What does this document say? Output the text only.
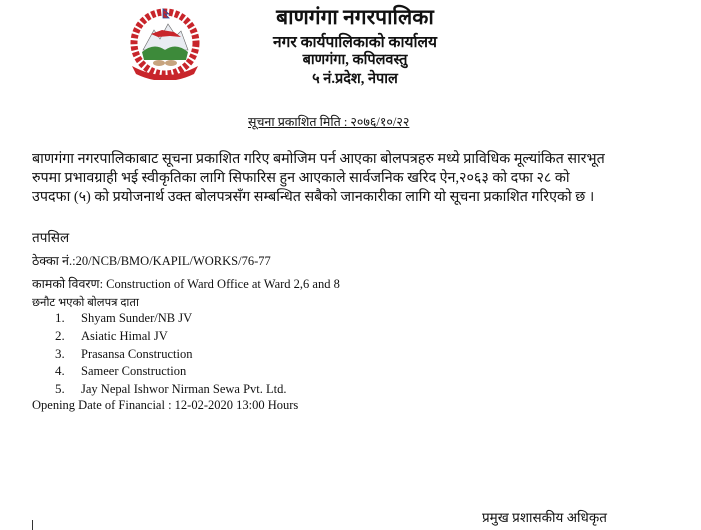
बाणगंगा नगरपालिका
नगर कार्यपालिकाको कार्यालय
बाणगंगा, कपिलवस्तु
५ नं.प्रदेश, नेपाल
सूचना प्रकाशित मिति : २०७६/१०/२२
बाणगंगा नगरपालिकाबाट सूचना प्रकाशित गरिए बमोजिम पर्न आएका बोलपत्रहरु मध्ये प्राविधिक मूल्यांकित सारभूत
रुपमा प्रभावग्राही भई स्वीकृतिका लागि सिफारिस हुन आएकाले सार्वजनिक खरिद ऐन,२०६३ को दफा २८ को
उपदफा (५) को प्रयोजनार्थ उक्त बोलपत्रसँग सम्बन्धित सबैको जानकारीका लागि यो सूचना प्रकाशित गरिएको छ ।
तपसिल
ठेक्का नं.:20/NCB/BMO/KAPIL/WORKS/76-77
कामको विवरण: Construction of Ward Office at Ward 2,6 and 8
छनौट भएको बोलपत्र दाता
1.	Shyam Sunder/NB JV
2.	Asiatic Himal JV
3.	Prasansa Construction
4.	Sameer Construction
5.	Jay Nepal Ishwor Nirman Sewa Pvt. Ltd.
Opening Date of Financial : 12-02-2020 13:00 Hours
प्रमुख प्रशासकीय अधिकृत
